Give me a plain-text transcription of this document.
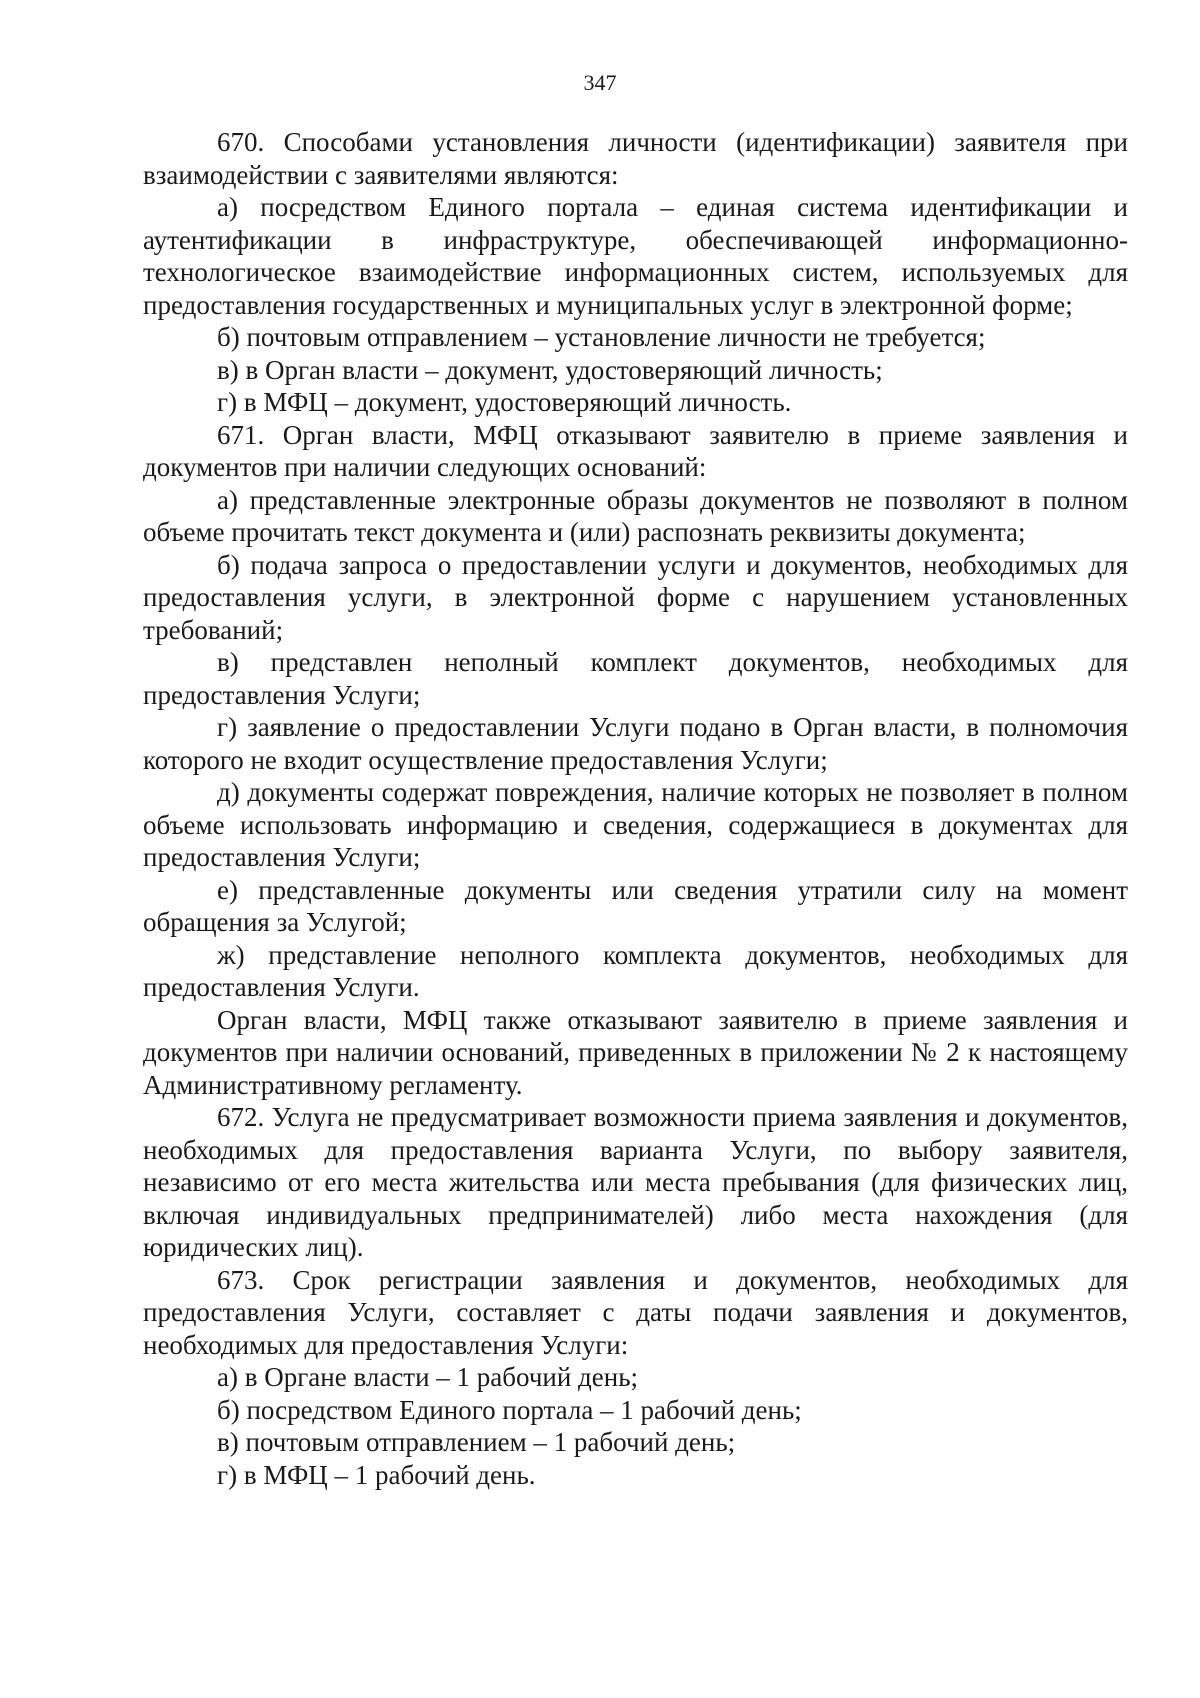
347

670. Способами установления личности (идентификации) заявителя при взаимодействии с заявителями являются:

а) посредством Единого портала – единая система идентификации и аутентификации в инфраструктуре, обеспечивающей информационно-технологическое взаимодействие информационных систем, используемых для предоставления государственных и муниципальных услуг в электронной форме;

б) почтовым отправлением – установление личности не требуется;

в) в Орган власти – документ, удостоверяющий личность;

г) в МФЦ – документ, удостоверяющий личность.

671. Орган власти, МФЦ отказывают заявителю в приеме заявления и документов при наличии следующих оснований:

а) представленные электронные образы документов не позволяют в полном объеме прочитать текст документа и (или) распознать реквизиты документа;

б) подача запроса о предоставлении услуги и документов, необходимых для предоставления услуги, в электронной форме с нарушением установленных требований;

в) представлен неполный комплект документов, необходимых для предоставления Услуги;

г) заявление о предоставлении Услуги подано в Орган власти, в полномочия которого не входит осуществление предоставления Услуги;

д) документы содержат повреждения, наличие которых не позволяет в полном объеме использовать информацию и сведения, содержащиеся в документах для предоставления Услуги;

е) представленные документы или сведения утратили силу на момент обращения за Услугой;

ж) представление неполного комплекта документов, необходимых для предоставления Услуги.

Орган власти, МФЦ также отказывают заявителю в приеме заявления и документов при наличии оснований, приведенных в приложении № 2 к настоящему Административному регламенту.

672. Услуга не предусматривает возможности приема заявления и документов, необходимых для предоставления варианта Услуги, по выбору заявителя, независимо от его места жительства или места пребывания (для физических лиц, включая индивидуальных предпринимателей) либо места нахождения (для юридических лиц).

673. Срок регистрации заявления и документов, необходимых для предоставления Услуги, составляет с даты подачи заявления и документов, необходимых для предоставления Услуги:

а) в Органе власти – 1 рабочий день;

б) посредством Единого портала – 1 рабочий день;

в) почтовым отправлением – 1 рабочий день;

г) в МФЦ – 1 рабочий день.
